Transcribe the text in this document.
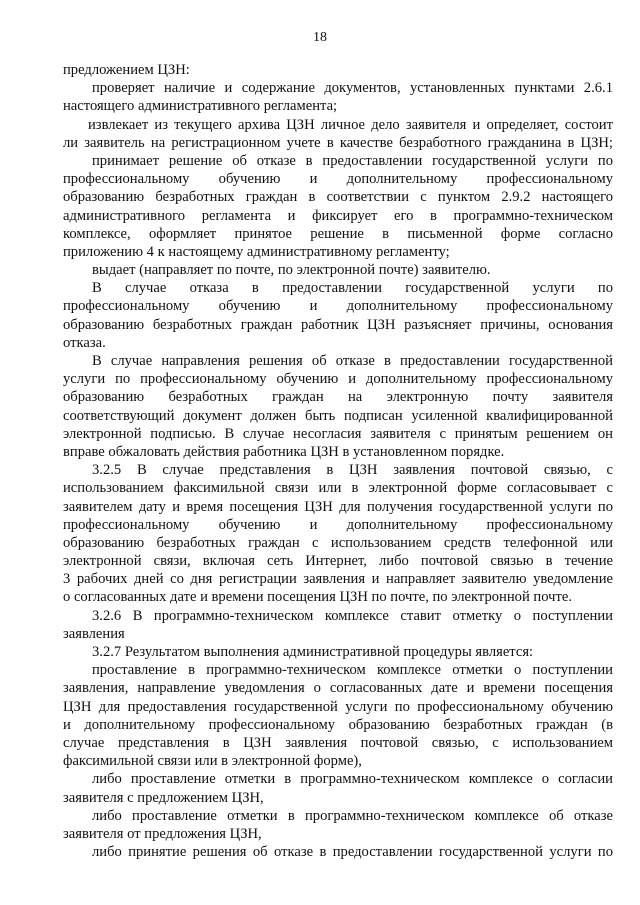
18
предложением ЦЗН:
проверяет наличие и содержание документов, установленных пунктами 2.6.1
настоящего административного регламента;
извлекает из текущего архива ЦЗН личное дело заявителя и определяет, состоит
ли заявитель на регистрационном учете в качестве безработного гражданина в ЦЗН;
принимает решение об отказе в предоставлении государственной услуги по
профессиональному обучению и дополнительному профессиональному
образованию безработных граждан в соответствии с пунктом 2.9.2 настоящего
административного регламента и фиксирует его в программно-техническом
комплексе, оформляет принятое решение в письменной форме согласно
приложению 4 к настоящему административному регламенту;
выдает (направляет по почте, по электронной почте) заявителю.
В случае отказа в предоставлении государственной услуги по
профессиональному обучению и дополнительному профессиональному
образованию безработных граждан работник ЦЗН разъясняет причины, основания
отказа.
В случае направления решения об отказе в предоставлении государственной
услуги по профессиональному обучению и дополнительному профессиональному
образованию безработных граждан на электронную почту заявителя
соответствующий документ должен быть подписан усиленной квалифицированной
электронной подписью. В случае несогласия заявителя с принятым решением он
вправе обжаловать действия работника ЦЗН в установленном порядке.
3.2.5 В случае представления в ЦЗН заявления почтовой связью, с
использованием факсимильной связи или в электронной форме согласовывает с
заявителем дату и время посещения ЦЗН для получения государственной услуги по
профессиональному обучению и дополнительному профессиональному
образованию безработных граждан с использованием средств телефонной или
электронной связи, включая сеть Интернет, либо почтовой связью в течение
3 рабочих дней со дня регистрации заявления и направляет заявителю уведомление
о согласованных дате и времени посещения ЦЗН по почте, по электронной почте.
3.2.6 В программно-техническом комплексе ставит отметку о поступлении
заявления
3.2.7 Результатом выполнения административной процедуры является:
проставление в программно-техническом комплексе отметки о поступлении
заявления, направление уведомления о согласованных дате и времени посещения
ЦЗН для предоставления государственной услуги по профессиональному обучению
и дополнительному профессиональному образованию безработных граждан (в
случае представления в ЦЗН заявления почтовой связью, с использованием
факсимильной связи или в электронной форме),
либо проставление отметки в программно-техническом комплексе о согласии
заявителя с предложением ЦЗН,
либо проставление отметки в программно-техническом комплексе об отказе
заявителя от предложения ЦЗН,
либо принятие решения об отказе в предоставлении государственной услуги по
